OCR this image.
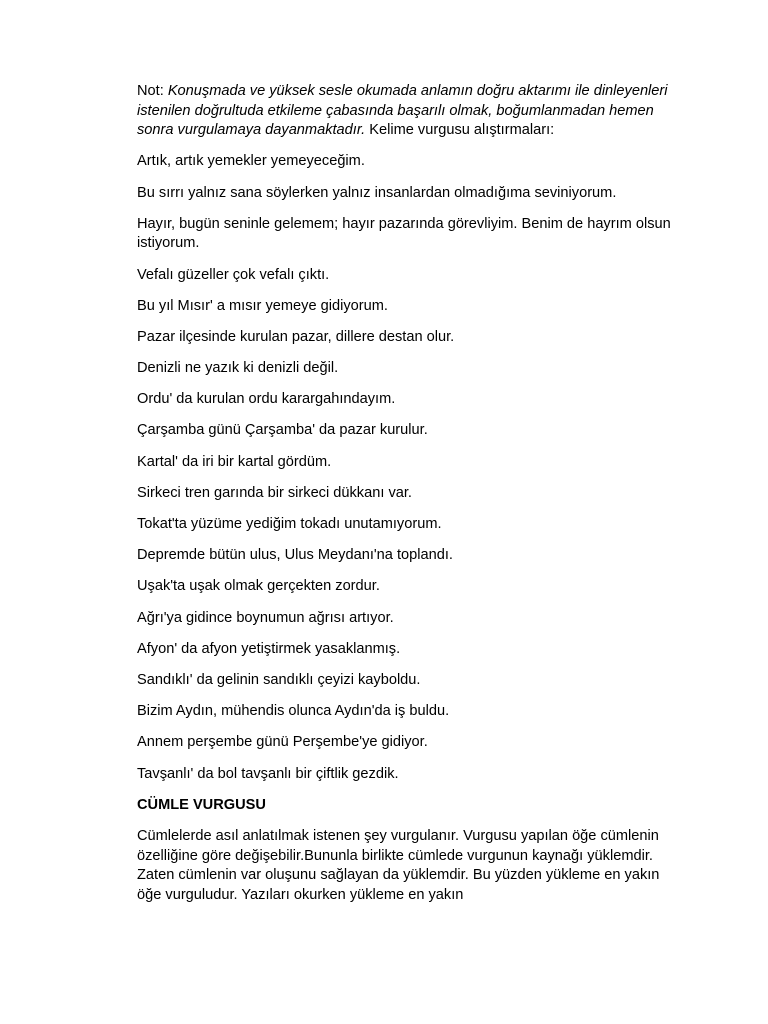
Not: Konuşmada ve yüksek sesle okumada anlamın doğru aktarımı ile dinleyenleri istenilen doğrultuda etkileme çabasında başarılı olmak, boğumlanmadan hemen sonra vurgulamaya dayanmaktadır. Kelime vurgusu alıştırmaları:

Artık, artık yemekler yemeyeceğim.

Bu sırrı yalnız sana söylerken yalnız insanlardan olmadığıma seviniyorum.

Hayır, bugün seninle gelemem; hayır pazarında görevliyim. Benim de hayrım olsun istiyorum.

Vefalı güzeller çok vefalı çıktı.

Bu yıl Mısır' a mısır yemeye gidiyorum.

Pazar ilçesinde kurulan pazar, dillere destan olur.

Denizli ne yazık ki denizli değil.

Ordu' da kurulan ordu karargahındayım.

Çarşamba günü Çarşamba' da pazar kurulur.

Kartal' da iri bir kartal gördüm.

Sirkeci tren garında bir sirkeci dükkanı var.

Tokat'ta yüzüme yediğim tokadı unutamıyorum.

Depremde bütün ulus, Ulus Meydanı'na toplandı.

Uşak'ta uşak olmak gerçekten zordur.

Ağrı'ya gidince boynumun ağrısı artıyor.

Afyon' da afyon yetiştirmek yasaklanmış.

Sandıklı' da gelinin sandıklı çeyizi kayboldu.

Bizim Aydın, mühendis olunca Aydın'da iş buldu.

Annem perşembe günü Perşembe'ye gidiyor.

Tavşanlı' da bol tavşanlı bir çiftlik gezdik.

CÜMLE VURGUSU

Cümlelerde asıl anlatılmak istenen şey vurgulanır. Vurgusu yapılan öğe cümlenin özelliğine göre değişebilir.Bununla birlikte cümlede vurgunun kaynağı yüklemdir. Zaten cümlenin var oluşunu sağlayan da yüklemdir. Bu yüzden yükleme en yakın öğe vurguludur. Yazıları okurken yükleme en yakın
